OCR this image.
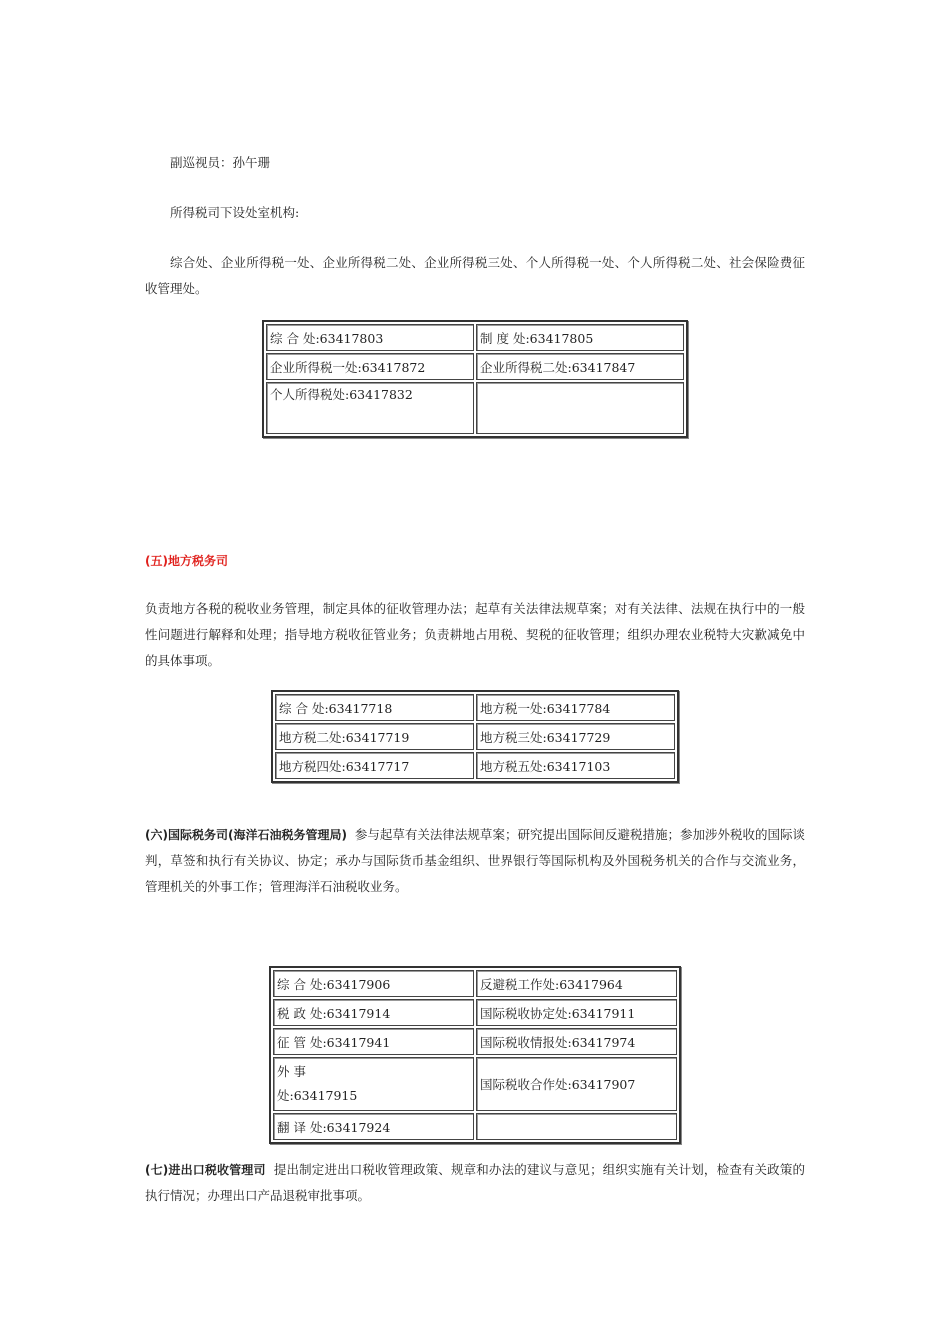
副巡视员：孙午珊

所得税司下设处室机构:

综合处、企业所得税一处、企业所得税二处、企业所得税三处、个人所得税一处、个人所得税二处、社会保险费征收管理处。

综 合 处:63417803	制 度 处:63417805
企业所得税一处:63417872	企业所得税二处:63417847
个人所得税处:63417832	

(五)地方税务司

负责地方各税的税收业务管理，制定具体的征收管理办法；起草有关法律法规草案；对有关法律、法规在执行中的一般性问题进行解释和处理；指导地方税收征管业务；负责耕地占用税、契税的征收管理；组织办理农业税特大灾歉减免中的具体事项。

综 合 处:63417718	地方税一处:63417784
地方税二处:63417719	地方税三处:63417729
地方税四处:63417717	地方税五处:63417103

(六)国际税务司(海洋石油税务管理局) 参与起草有关法律法规草案；研究提出国际间反避税措施；参加涉外税收的国际谈判，草签和执行有关协议、协定；承办与国际货币基金组织、世界银行等国际机构及外国税务机关的合作与交流业务，管理机关的外事工作；管理海洋石油税收业务。

综 合 处:63417906	反避税工作处:63417964
税 政 处:63417914	国际税收协定处:63417911
征 管 处:63417941	国际税收情报处:63417974
外 事
处:63417915	国际税收合作处:63417907
翻 译 处:63417924	

(七)进出口税收管理司 提出制定进出口税收管理政策、规章和办法的建议与意见；组织实施有关计划，检查有关政策的执行情况；办理出口产品退税审批事项。
